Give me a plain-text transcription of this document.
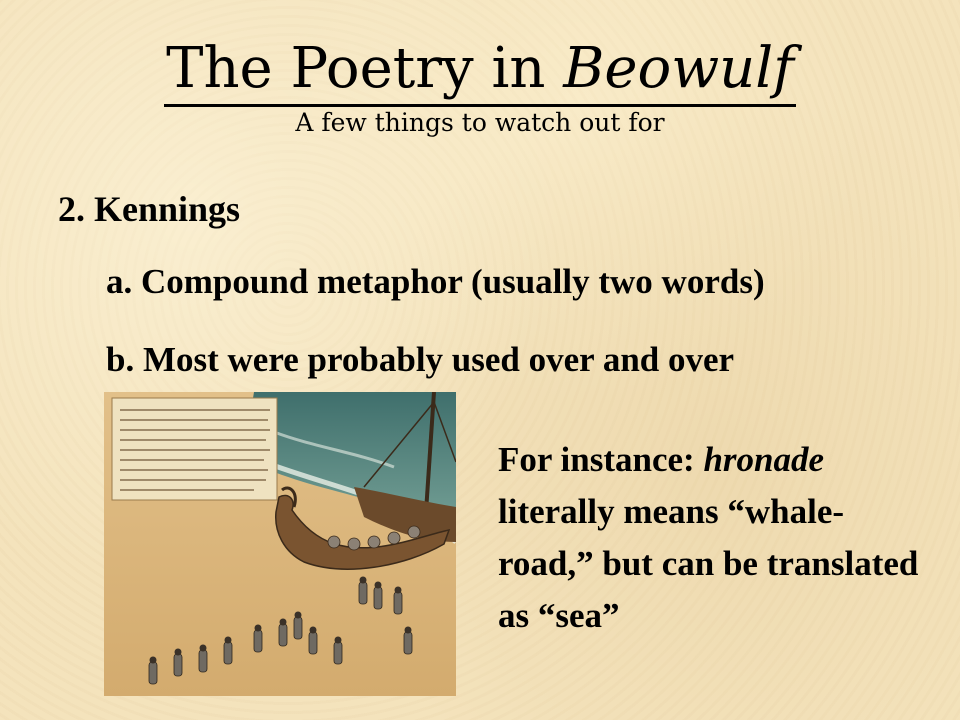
The Poetry in Beowulf
A few things to watch out for
2. Kennings
a. Compound metaphor (usually two words)
b. Most were probably used over and over
For instance: hronade literally means “whale-road,” but can be translated as “sea”
